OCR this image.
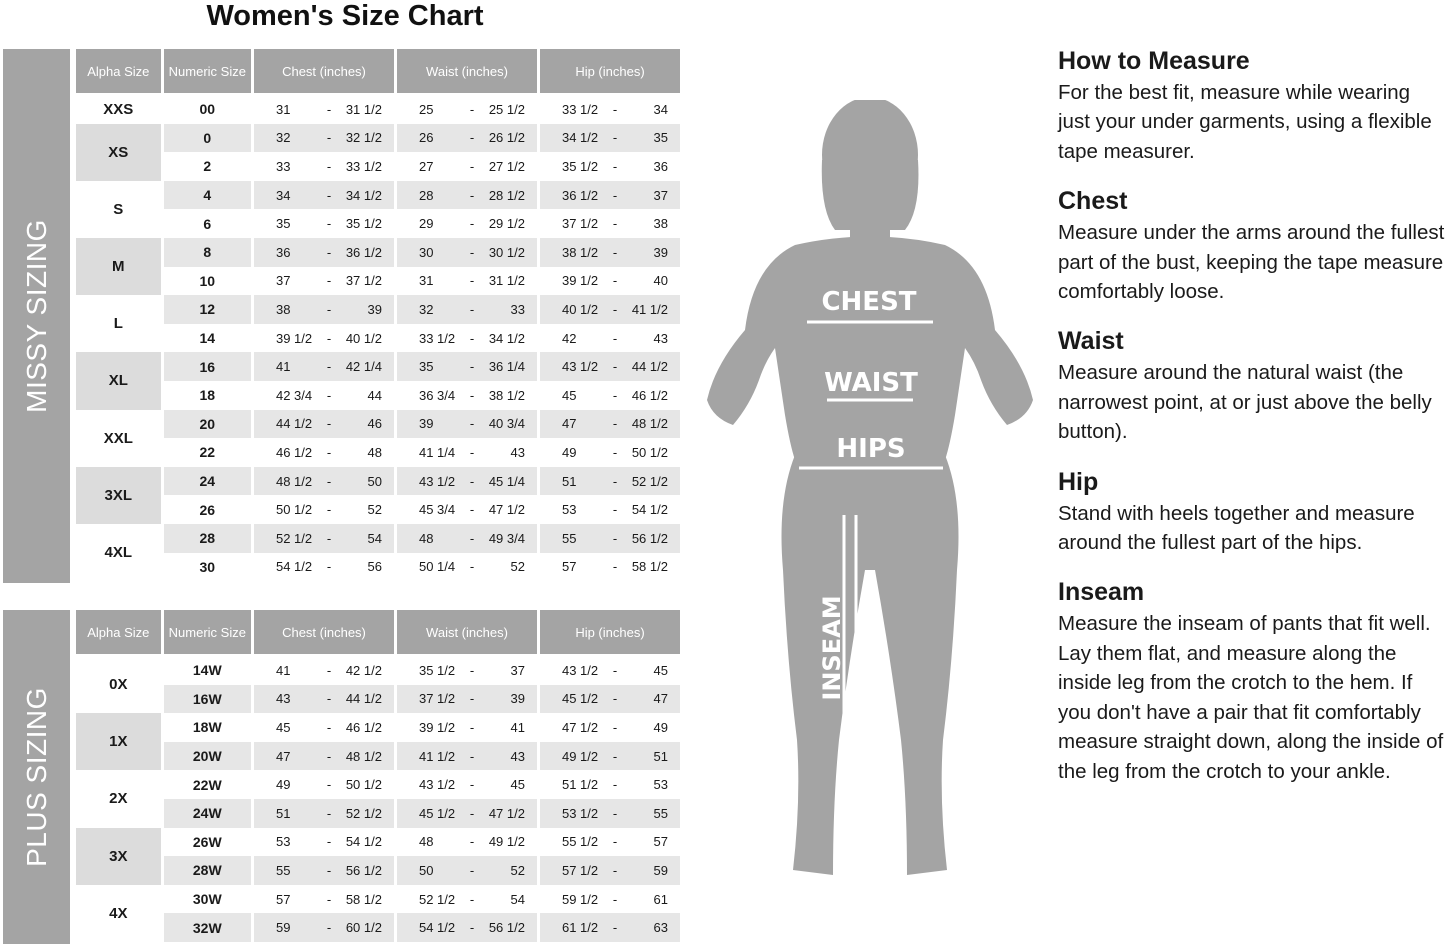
Women's Size Chart
MISSY SIZING
Alpha Size	Numeric Size	Chest (inches)	Waist (inches)	Hip (inches)
XXS	00	31 - 31 1/2	25 - 25 1/2	33 1/2 - 34

XS	0	32 - 32 1/2	26 - 26 1/2	34 1/2 - 35

	2	33 - 33 1/2	27 - 27 1/2	35 1/2 - 36

S	4	34 - 34 1/2	28 - 28 1/2	36 1/2 - 37

	6	35 - 35 1/2	29 - 29 1/2	37 1/2 - 38

M	8	36 - 36 1/2	30 - 30 1/2	38 1/2 - 39

	10	37 - 37 1/2	31 - 31 1/2	39 1/2 - 40

L	12	38 - 39	32 - 33	40 1/2 - 41 1/2

	14	39 1/2 - 40 1/2	33 1/2 - 34 1/2	42 - 43

XL	16	41 - 42 1/4	35 - 36 1/4	43 1/2 - 44 1/2

	18	42 3/4 - 44	36 3/4 - 38 1/2	45 - 46 1/2

XXL	20	44 1/2 - 46	39 - 40 3/4	47 - 48 1/2

	22	46 1/2 - 48	41 1/4 - 43	49 - 50 1/2

3XL	24	48 1/2 - 50	43 1/2 - 45 1/4	51 - 52 1/2

	26	50 1/2 - 52	45 3/4 - 47 1/2	53 - 54 1/2

4XL	28	52 1/2 - 54	48 - 49 3/4	55 - 56 1/2

	30	54 1/2 - 56	50 1/4 - 52	57 - 58 1/2
PLUS SIZING
Alpha Size	Numeric Size	Chest (inches)	Waist (inches)	Hip (inches)
0X	14W	41 - 42 1/2	35 1/2 - 37	43 1/2 - 45

	16W	43 - 44 1/2	37 1/2 - 39	45 1/2 - 47

1X	18W	45 - 46 1/2	39 1/2 - 41	47 1/2 - 49

	20W	47 - 48 1/2	41 1/2 - 43	49 1/2 - 51

2X	22W	49 - 50 1/2	43 1/2 - 45	51 1/2 - 53

	24W	51 - 52 1/2	45 1/2 - 47 1/2	53 1/2 - 55

3X	26W	53 - 54 1/2	48 - 49 1/2	55 1/2 - 57

	28W	55 - 56 1/2	50 - 52	57 1/2 - 59

4X	30W	57 - 58 1/2	52 1/2 - 54	59 1/2 - 61

	32W	59 - 60 1/2	54 1/2 - 56 1/2	61 1/2 - 63
CHEST
WAIST
HIPS
INSEAM
How to Measure
For the best fit, measure while wearing just your under garments, using a flexible tape measurer.
Chest
Measure under the arms around the fullest part of the bust, keeping the tape measure comfortably loose.
Waist
Measure around the natural waist (the narrowest point, at or just above the belly button).
Hip
Stand with heels together and measure around the fullest part of the hips.
Inseam
Measure the inseam of pants that fit well. Lay them flat, and measure along the inside leg from the crotch to the hem. If you don't have a pair that fit comfortably measure straight down, along the inside of the leg from the crotch to your ankle.
